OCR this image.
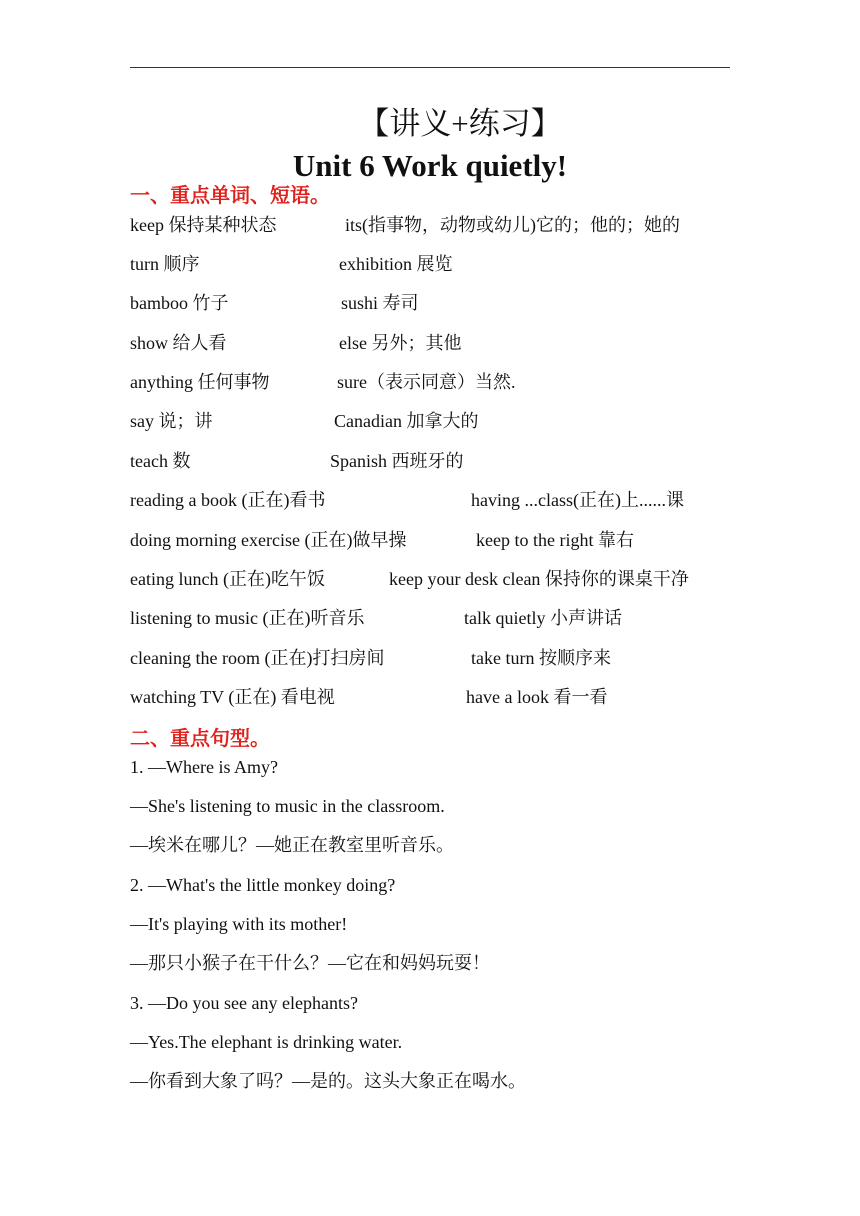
【讲义+练习】
Unit 6 Work quietly!
一、重点单词、短语。
keep 保持某种状态	its(指事物，动物或幼儿)它的；他的；她的
turn 顺序	exhibition 展览
bamboo 竹子	sushi 寿司
show 给人看	else 另外；其他
anything 任何事物	sure（表示同意）当然.
say 说；讲	Canadian 加拿大的
teach 数	Spanish 西班牙的
reading a book (正在)看书	having ...class(正在)上......课
doing morning exercise (正在)做早操	keep to the right 靠右
eating lunch (正在)吃午饭	keep your desk clean 保持你的课桌干净
listening to music (正在)听音乐	talk quietly 小声讲话
cleaning the room (正在)打扫房间	take turn 按顺序来
watching TV (正在) 看电视	have a look 看一看
二、重点句型。
1. —Where is Amy?
—She's listening to music in the classroom.
—埃米在哪儿？—她正在教室里听音乐。
2. —What's the little monkey doing?
—It's playing with its mother!
—那只小猴子在干什么？—它在和妈妈玩耍！
3. —Do you see any elephants?
—Yes.The elephant is drinking water.
—你看到大象了吗？—是的。这头大象正在喝水。
